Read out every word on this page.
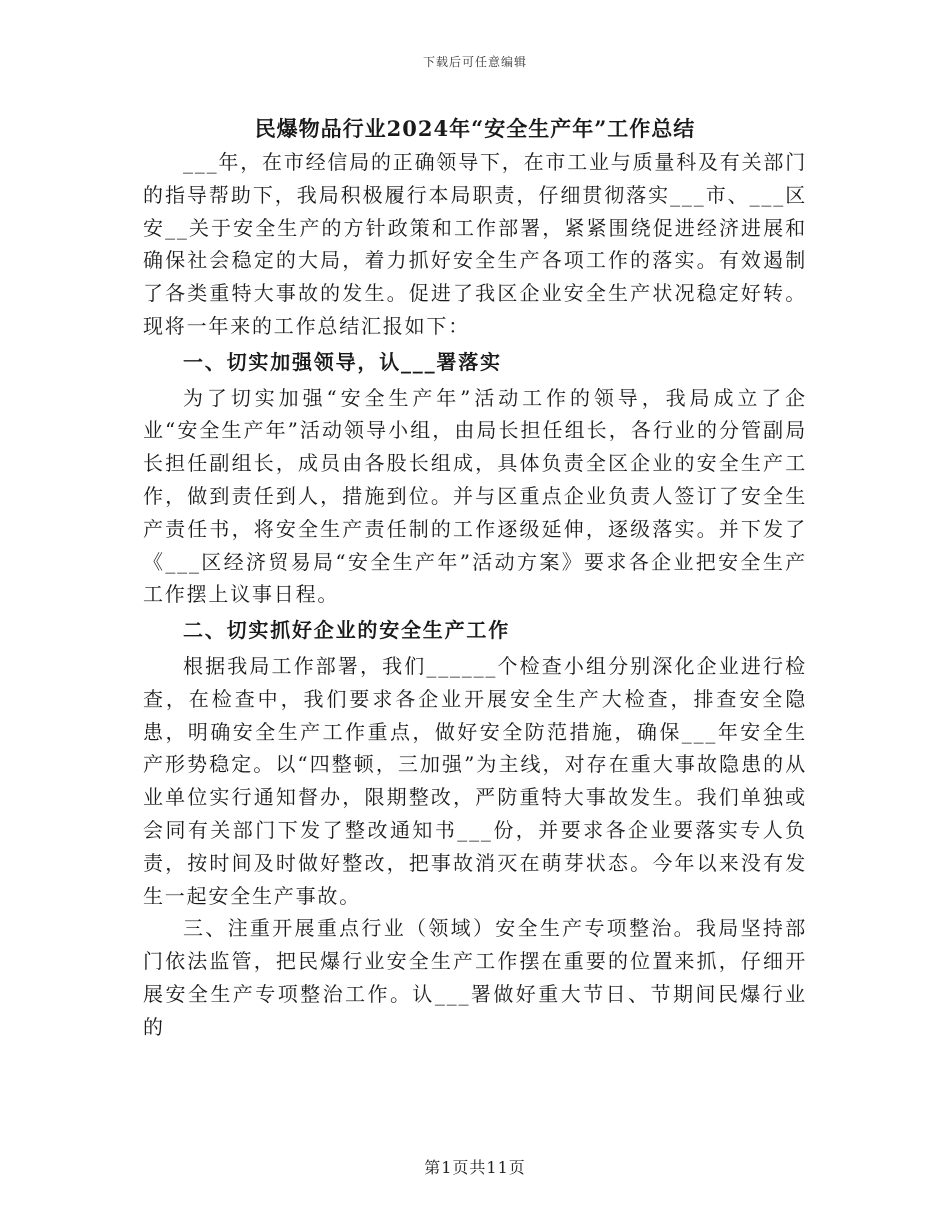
下载后可任意编辑
民爆物品行业2024年“安全生产年”工作总结

___年，在市经信局的正确领导下，在市工业与质量科及有关部门的指导帮助下，我局积极履行本局职责，仔细贯彻落实___市、___区安__关于安全生产的方针政策和工作部署，紧紧围绕促进经济进展和确保社会稳定的大局，着力抓好安全生产各项工作的落实。有效遏制了各类重特大事故的发生。促进了我区企业安全生产状况稳定好转。现将一年来的工作总结汇报如下：

一、切实加强领导，认___署落实

为了切实加强“安全生产年”活动工作的领导，我局成立了企业“安全生产年”活动领导小组，由局长担任组长，各行业的分管副局长担任副组长，成员由各股长组成，具体负责全区企业的安全生产工作，做到责任到人，措施到位。并与区重点企业负责人签订了安全生产责任书，将安全生产责任制的工作逐级延伸，逐级落实。并下发了《___区经济贸易局“安全生产年”活动方案》要求各企业把安全生产工作摆上议事日程。

二、切实抓好企业的安全生产工作

根据我局工作部署，我们______个检查小组分别深化企业进行检查，在检查中，我们要求各企业开展安全生产大检查，排查安全隐患，明确安全生产工作重点，做好安全防范措施，确保___年安全生产形势稳定。以“四整顿，三加强”为主线，对存在重大事故隐患的从业单位实行通知督办，限期整改，严防重特大事故发生。我们单独或会同有关部门下发了整改通知书___份，并要求各企业要落实专人负责，按时间及时做好整改，把事故消灭在萌芽状态。今年以来没有发生一起安全生产事故。

三、注重开展重点行业（领域）安全生产专项整治。我局坚持部门依法监管，把民爆行业安全生产工作摆在重要的位置来抓，仔细开展安全生产专项整治工作。认___署做好重大节日、节期间民爆行业的

第1页共11页
